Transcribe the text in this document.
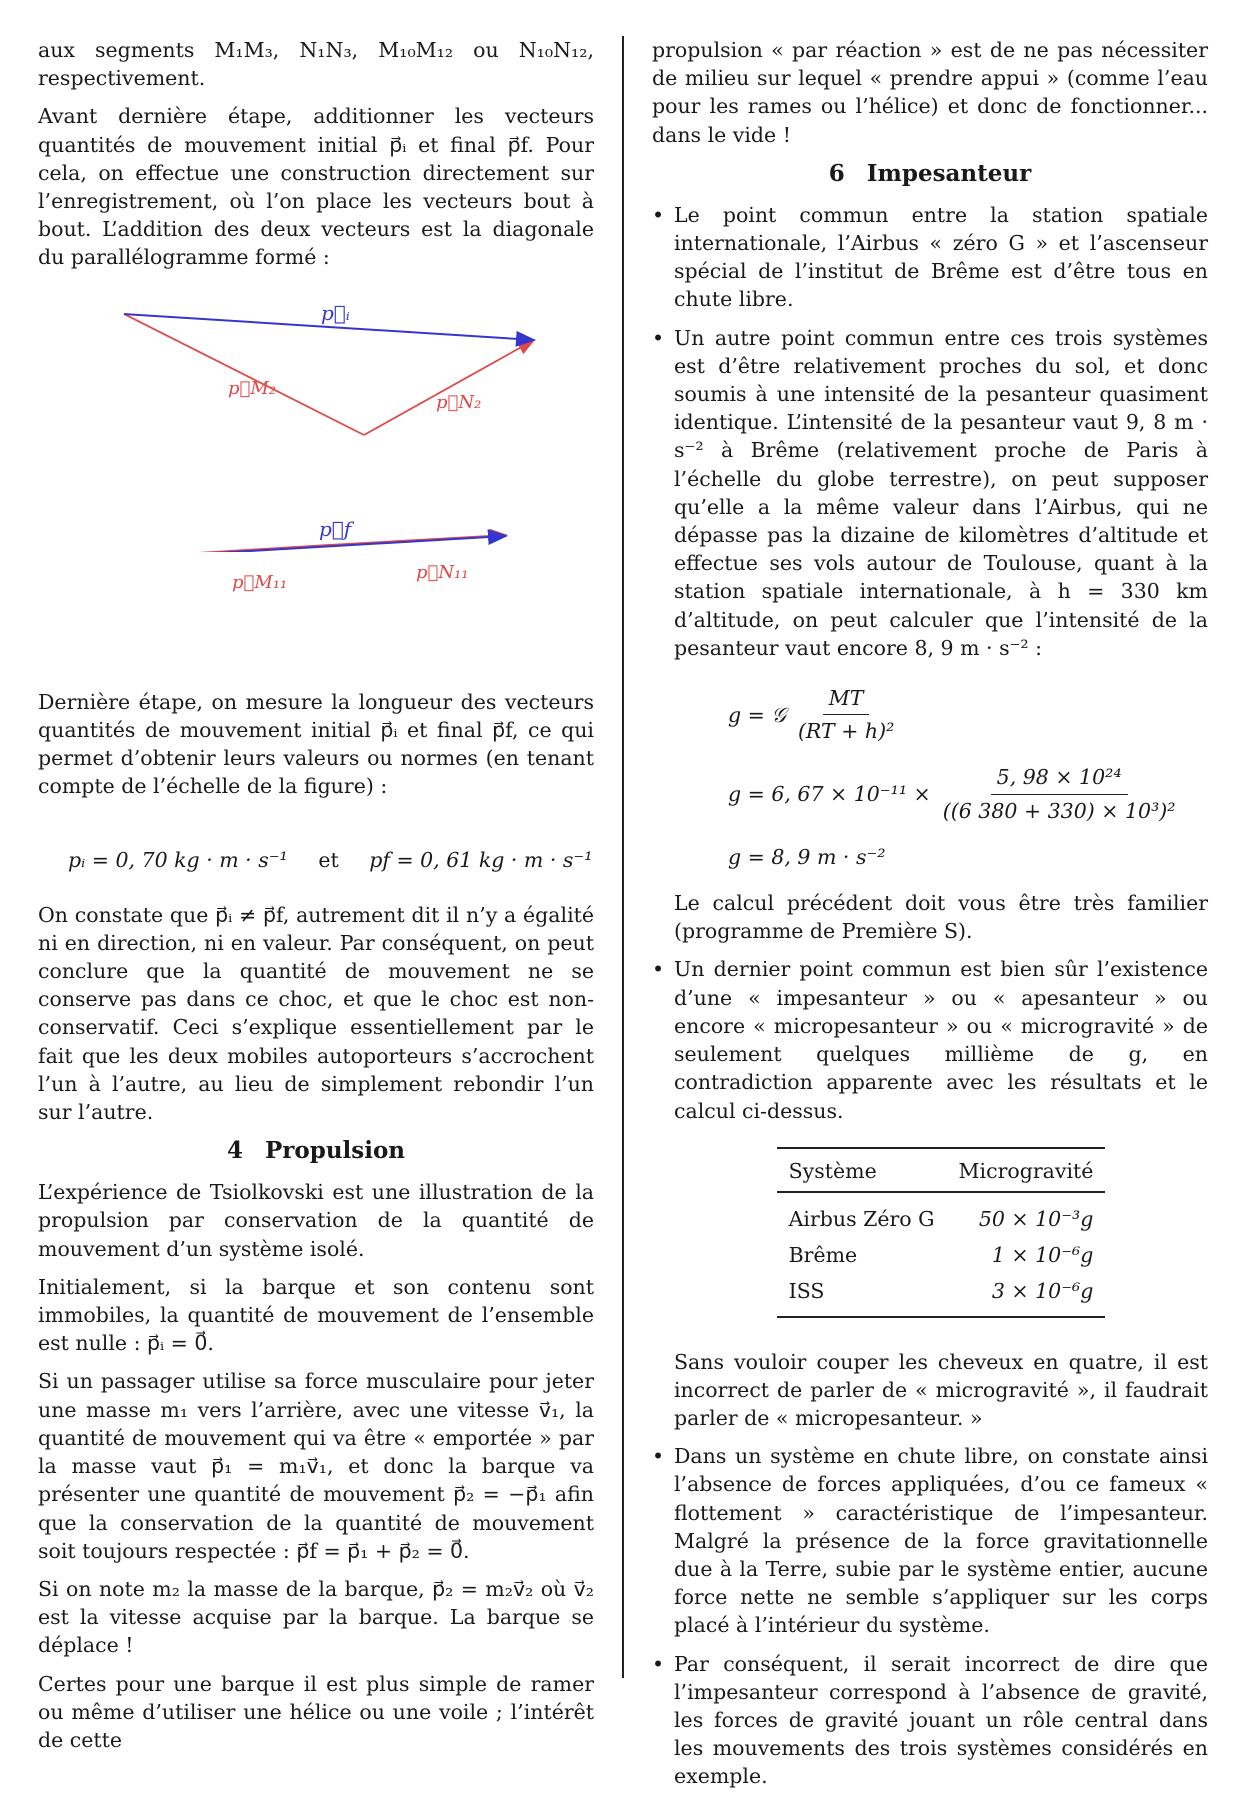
aux segments M₁M₃, N₁N₃, M₁₀M₁₂ ou N₁₀N₁₂, respectivement.

Avant dernière étape, additionner les vecteurs quantités de mouvement initial p⃗ᵢ et final p⃗f. Pour cela, on effectue une construction directement sur l’enregistrement, où l’on place les vecteurs bout à bout. L’addition des deux vecteurs est la diagonale du parallélogramme formé :

p⃗ᵢ
p⃗M₂
p⃗N₂
p⃗f
p⃗M₁₁	p⃗N₁₁

Dernière étape, on mesure la longueur des vecteurs quantités de mouvement initial p⃗ᵢ et final p⃗f, ce qui permet d’obtenir leurs valeurs ou normes (en tenant compte de l’échelle de la figure) :

pᵢ = 0, 70 kg · m · s⁻¹ et pf = 0, 61 kg · m · s⁻¹

On constate que p⃗ᵢ ≠ p⃗f, autrement dit il n’y a égalité ni en direction, ni en valeur. Par conséquent, on peut conclure que la quantité de mouvement ne se conserve pas dans ce choc, et que le choc est non-conservatif. Ceci s’explique essentiellement par le fait que les deux mobiles autoporteurs s’accrochent l’un à l’autre, au lieu de simplement rebondir l’un sur l’autre.

4 Propulsion

L’expérience de Tsiolkovski est une illustration de la propulsion par conservation de la quantité de mouvement d’un système isolé.

Initialement, si la barque et son contenu sont immobiles, la quantité de mouvement de l’ensemble est nulle : p⃗ᵢ = 0⃗.

Si un passager utilise sa force musculaire pour jeter une masse m₁ vers l’arrière, avec une vitesse v⃗₁, la quantité de mouvement qui va être « emportée » par la masse vaut p⃗₁ = m₁v⃗₁, et donc la barque va présenter une quantité de mouvement p⃗₂ = −p⃗₁ afin que la conservation de la quantité de mouvement soit toujours respectée : p⃗f = p⃗₁ + p⃗₂ = 0⃗.

Si on note m₂ la masse de la barque, p⃗₂ = m₂v⃗₂ où v⃗₂ est la vitesse acquise par la barque. La barque se déplace !

Certes pour une barque il est plus simple de ramer ou même d’utiliser une hélice ou une voile ; l’intérêt de cette

propulsion « par réaction » est de ne pas nécessiter de milieu sur lequel « prendre appui » (comme l’eau pour les rames ou l’hélice) et donc de fonctionner... dans le vide !

6 Impesanteur

• Le point commun entre la station spatiale internationale, l’Airbus « zéro G » et l’ascenseur spécial de l’institut de Brême est d’être tous en chute libre.

• Un autre point commun entre ces trois systèmes est d’être relativement proches du sol, et donc soumis à une intensité de la pesanteur quasiment identique. L’intensité de la pesanteur vaut 9, 8 m · s⁻² à Brême (relativement proche de Paris à l’échelle du globe terrestre), on peut supposer qu’elle a la même valeur dans l’Airbus, qui ne dépasse pas la dizaine de kilomètres d’altitude et effectue ses vols autour de Toulouse, quant à la station spatiale internationale, à h = 330 km d’altitude, on peut calculer que l’intensité de la pesanteur vaut encore 8, 9 m · s⁻² :

g = 𝒢 $\frac{MT}{\text{(RT + h)²}}$
g = 6, $67 \times 10^{-11} \times \frac{\text{5, 98 × 10²⁴}}{\text{((6 380 + 330) × 10³)²}}$
g = 8, 9 m · s⁻²

Le calcul précédent doit vous être très familier (programme de Première S).

• Un dernier point commun est bien sûr l’existence d’une « impesanteur » ou « apesanteur » ou encore « micropesanteur » ou « microgravité » de seulement quelques millième de g, en contradiction apparente avec les résultats et le calcul ci-dessus.

Système	Microgravité
Airbus Zéro G	50 × 10⁻³g
Brême	1 × 10⁻⁶g
ISS	3 × 10⁻⁶g

Sans vouloir couper les cheveux en quatre, il est incorrect de parler de « microgravité », il faudrait parler de « micropesanteur. »

• Dans un système en chute libre, on constate ainsi l’absence de forces appliquées, d’ou ce fameux « flottement » caractéristique de l’impesanteur. Malgré la présence de la force gravitationnelle due à la Terre, subie par le système entier, aucune force nette ne semble s’appliquer sur les corps placé à l’intérieur du système.

• Par conséquent, il serait incorrect de dire que l’impesanteur correspond à l’absence de gravité, les forces de gravité jouant un rôle central dans les mouvements des trois systèmes considérés en exemple.
